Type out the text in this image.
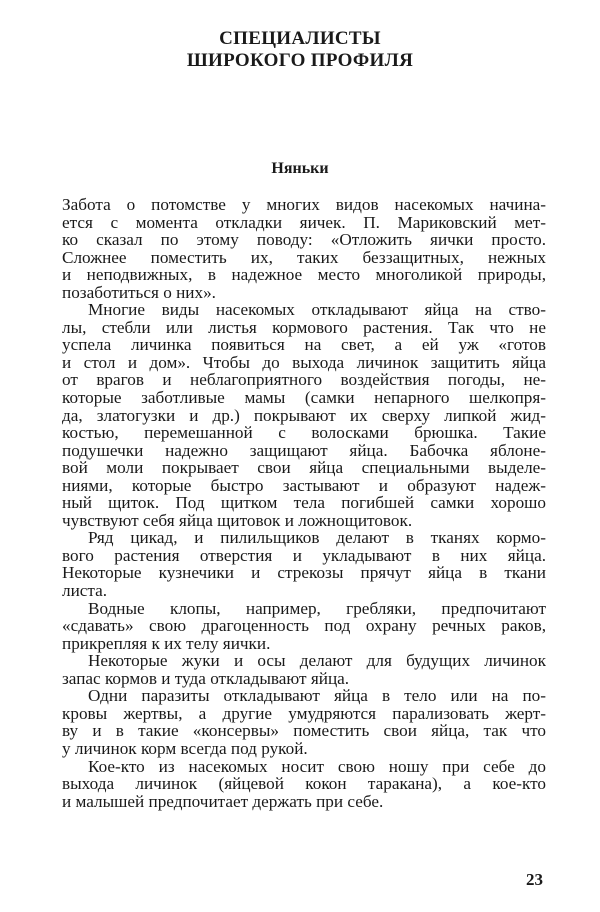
СПЕЦИАЛИСТЫ
ШИРОКОГО ПРОФИЛЯ
Няньки
Забота о потомстве у многих видов насекомых начина-
ется с момента откладки яичек. П. Мариковский мет-
ко сказал по этому поводу: «Отложить яички просто.
Сложнее поместить их, таких беззащитных, нежных
и неподвижных, в надежное место многоликой природы,
позаботиться о них».
Многие виды насекомых откладывают яйца на ство-
лы, стебли или листья кормового растения. Так что не
успела личинка появиться на свет, а ей уж «готов
и стол и дом». Чтобы до выхода личинок защитить яйца
от врагов и неблагоприятного воздействия погоды, не-
которые заботливые мамы (самки непарного шелкопря-
да, златогузки и др.) покрывают их сверху липкой жид-
костью, перемешанной с волосками брюшка. Такие
подушечки надежно защищают яйца. Бабочка яблоне-
вой моли покрывает свои яйца специальными выделе-
ниями, которые быстро застывают и образуют надеж-
ный щиток. Под щитком тела погибшей самки хорошо
чувствуют себя яйца щитовок и ложнощитовок.
Ряд цикад, и пилильщиков делают в тканях кормо-
вого растения отверстия и укладывают в них яйца.
Некоторые кузнечики и стрекозы прячут яйца в ткани
листа.
Водные клопы, например, гребляки, предпочитают
«сдавать» свою драгоценность под охрану речных раков,
прикрепляя к их телу яички.
Некоторые жуки и осы делают для будущих личинок
запас кормов и туда откладывают яйца.
Одни паразиты откладывают яйца в тело или на по-
кровы жертвы, а другие умудряются парализовать жерт-
ву и в такие «консервы» поместить свои яйца, так что
у личинок корм всегда под рукой.
Кое-кто из насекомых носит свою ношу при себе до
выхода личинок (яйцевой кокон таракана), а кое-кто
и малышей предпочитает держать при себе.
23
